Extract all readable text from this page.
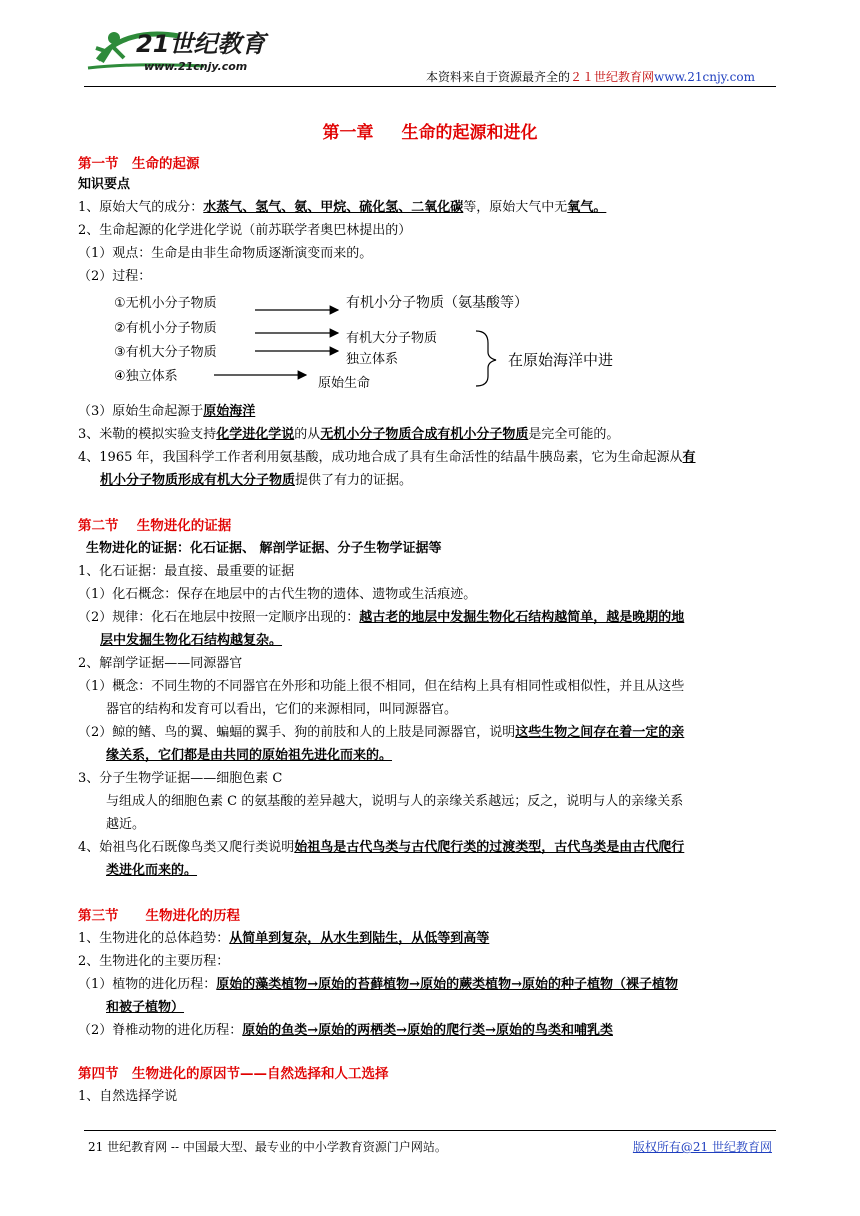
21世纪教育
www.21cnjy.com
本资料来自于资源最齐全的２１世纪教育网www.21cnjy.com
第一章 生命的起源和进化
第一节　生命的起源
知识要点
1、原始大气的成分：水蒸气、氢气、氨、甲烷、硫化氢、二氧化碳等，原始大气中无氧气。
2、生命起源的化学进化学说（前苏联学者奥巴林提出的）
（1）观点：生命是由非生命物质逐渐演变而来的。
（2）过程：
①无机小分子物质
②有机小分子物质
③有机大分子物质
④独立体系
有机小分子物质（氨基酸等）
有机大分子物质
独立体系
原始生命
在原始海洋中进
（3）原始生命起源于原始海洋
3、米勒的模拟实验支持化学进化学说的从无机小分子物质合成有机小分子物质是完全可能的。
4、1965 年，我国科学工作者利用氨基酸，成功地合成了具有生命活性的结晶牛胰岛素，它为生命起源从有
机小分子物质形成有机大分子物质提供了有力的证据。
第二节　 生物进化的证据
生物进化的证据：化石证据、 解剖学证据、分子生物学证据等
1、化石证据：最直接、最重要的证据
（1）化石概念：保存在地层中的古代生物的遗体、遗物或生活痕迹。
（2）规律：化石在地层中按照一定顺序出现的：越古老的地层中发掘生物化石结构越简单，越是晚期的地
层中发掘生物化石结构越复杂。
2、解剖学证据——同源器官
（1）概念：不同生物的不同器官在外形和功能上很不相同，但在结构上具有相同性或相似性，并且从这些
器官的结构和发育可以看出，它们的来源相同，叫同源器官。
（2）鲸的鳍、鸟的翼、蝙蝠的翼手、狗的前肢和人的上肢是同源器官，说明这些生物之间存在着一定的亲
缘关系，它们都是由共同的原始祖先进化而来的。
3、分子生物学证据——细胞色素 C
与组成人的细胞色素 C 的氨基酸的差异越大，说明与人的亲缘关系越远；反之，说明与人的亲缘关系
越近。
4、始祖鸟化石既像鸟类又爬行类说明始祖鸟是古代鸟类与古代爬行类的过渡类型，古代鸟类是由古代爬行
类进化而来的。
第三节　　生物进化的历程
1、生物进化的总体趋势：从简单到复杂，从水生到陆生，从低等到高等
2、生物进化的主要历程：
（1）植物的进化历程：原始的藻类植物→原始的苔藓植物→原始的蕨类植物→原始的种子植物（裸子植物
和被子植物）
（2）脊椎动物的进化历程：原始的鱼类→原始的两栖类→原始的爬行类→原始的鸟类和哺乳类
第四节　生物进化的原因节——自然选择和人工选择
1、自然选择学说
21 世纪教育网 -- 中国最大型、最专业的中小学教育资源门户网站。	版权所有@21 世纪教育网
